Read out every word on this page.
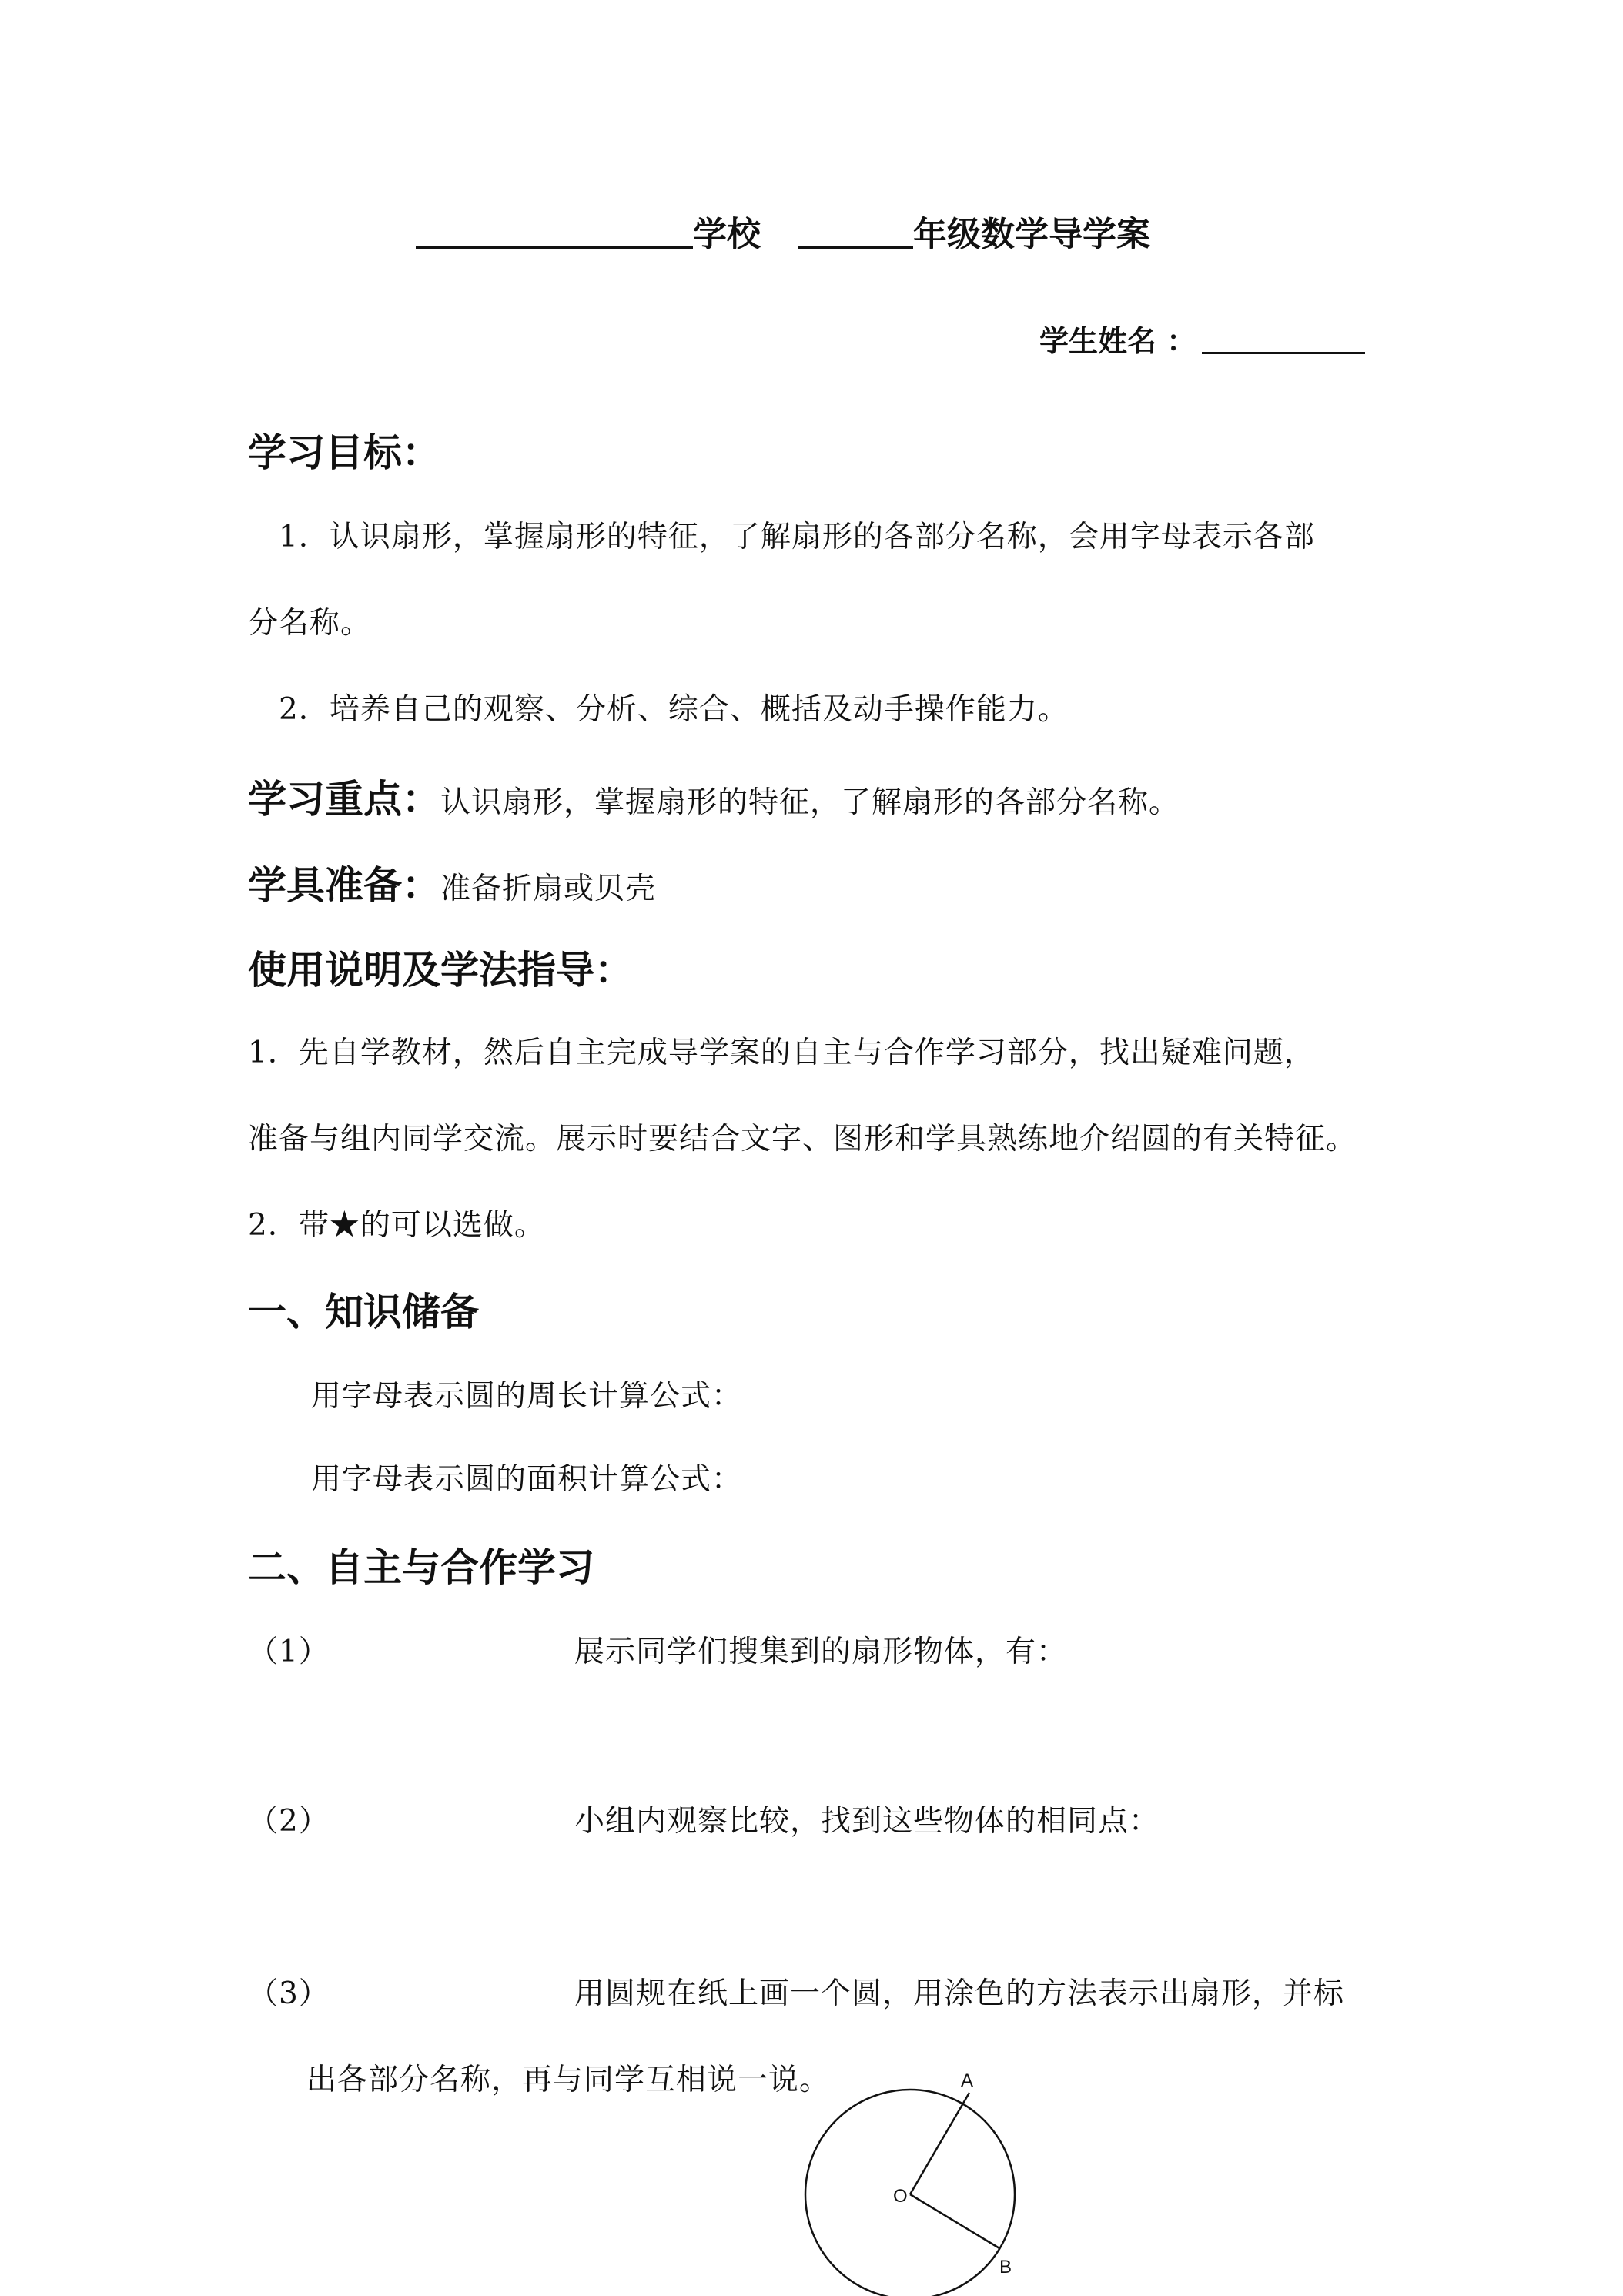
学校	年级数学导学案
学生姓名 ：
学习目标：
1．认识扇形，掌握扇形的特征，了解扇形的各部分名称，会用字母表示各部
分名称。
2．培养自己的观察、分析、综合、概括及动手操作能力。
学习重点：认识扇形，掌握扇形的特征，了解扇形的各部分名称。
学具准备：准备折扇或贝壳
使用说明及学法指导：
1．先自学教材，然后自主完成导学案的自主与合作学习部分，找出疑难问题，
准备与组内同学交流。展示时要结合文字、图形和学具熟练地介绍圆的有关特征。
2．带★的可以选做。
一、知识储备
用字母表示圆的周长计算公式：
用字母表示圆的面积计算公式：
二、自主与合作学习
（1）	展示同学们搜集到的扇形物体，有：
（2）	小组内观察比较，找到这些物体的相同点：
（3）	用圆规在纸上画一个圆，用涂色的方法表示出扇形，并标
出各部分名称，再与同学互相说一说。	A
B
O
